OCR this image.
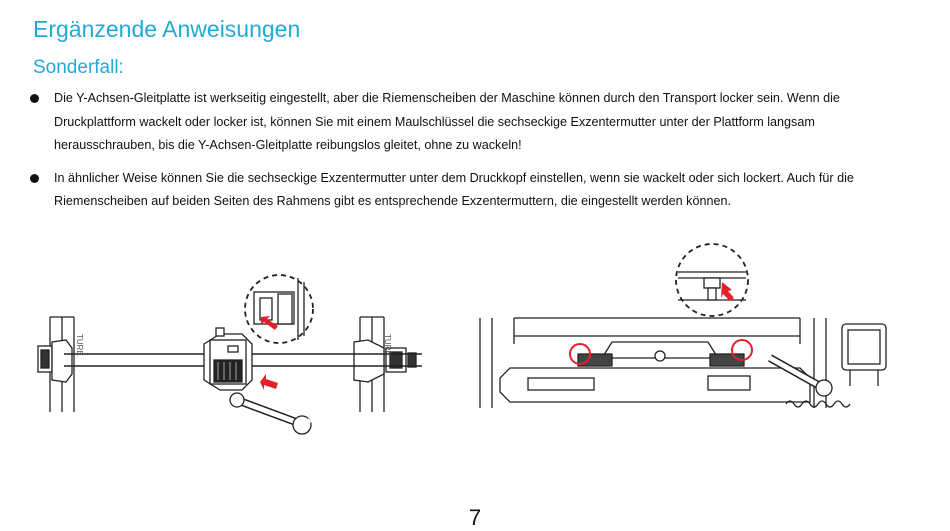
Ergänzende Anweisungen
Sonderfall:
Die Y-Achsen-Gleitplatte ist werkseitig eingestellt, aber die Riemenscheiben der Maschine können durch den Transport locker sein. Wenn die Druckplattform wackelt oder locker ist, können Sie mit einem Maulschlüssel die sechseckige Exzentermutter unter der Plattform langsam herausschrauben, bis die Y-Achsen-Gleitplatte reibungslos gleitet, ohne zu wackeln!
In ähnlicher Weise können Sie die sechseckige Exzentermutter unter dem Druckkopf einstellen, wenn sie wackelt oder sich lockert. Auch für die Riemenscheiben auf beiden Seiten des Rahmens gibt es entsprechende Exzentermuttern, die eingestellt werden können.
TURE	TURE
7
